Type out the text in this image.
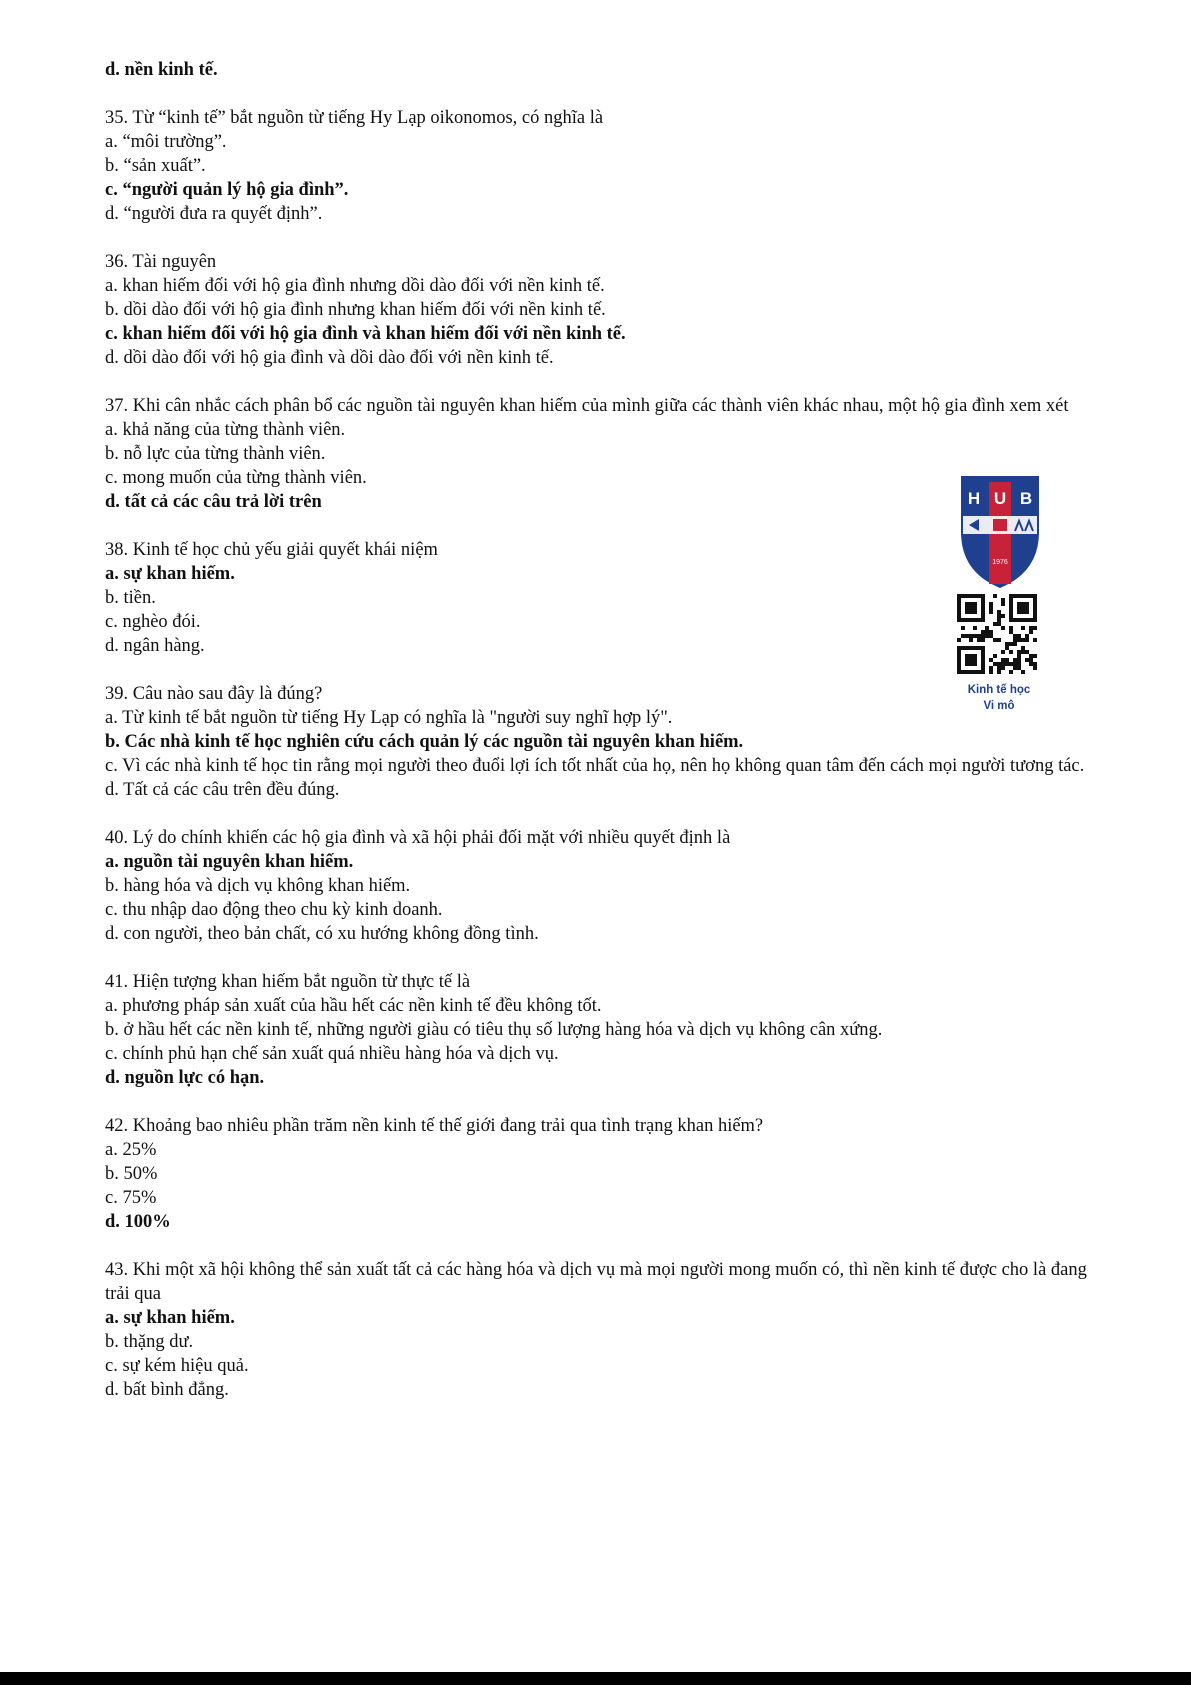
d. nền kinh tế.

35. Từ “kinh tế” bắt nguồn từ tiếng Hy Lạp oikonomos, có nghĩa là

a. “môi trường”.

b. “sản xuất”.

c. “người quản lý hộ gia đình”.

d. “người đưa ra quyết định”.

36. Tài nguyên

a. khan hiếm đối với hộ gia đình nhưng dồi dào đối với nền kinh tế.

b. dồi dào đối với hộ gia đình nhưng khan hiếm đối với nền kinh tế.

c. khan hiếm đối với hộ gia đình và khan hiếm đối với nền kinh tế.

d. dồi dào đối với hộ gia đình và dồi dào đối với nền kinh tế.

37. Khi cân nhắc cách phân bổ các nguồn tài nguyên khan hiếm của mình giữa các thành viên khác nhau, một hộ gia đình xem xét

a. khả năng của từng thành viên.

b. nỗ lực của từng thành viên.

c. mong muốn của từng thành viên.

d. tất cả các câu trả lời trên

38. Kinh tế học chủ yếu giải quyết khái niệm

a. sự khan hiếm.

b. tiền.

c. nghèo đói.

d. ngân hàng.

39. Câu nào sau đây là đúng?

a. Từ kinh tế bắt nguồn từ tiếng Hy Lạp có nghĩa là "người suy nghĩ hợp lý".

b. Các nhà kinh tế học nghiên cứu cách quản lý các nguồn tài nguyên khan hiếm.

c. Vì các nhà kinh tế học tin rằng mọi người theo đuổi lợi ích tốt nhất của họ, nên họ không quan tâm đến cách mọi người tương tác.

d. Tất cả các câu trên đều đúng.

40. Lý do chính khiến các hộ gia đình và xã hội phải đối mặt với nhiều quyết định là

a. nguồn tài nguyên khan hiếm.

b. hàng hóa và dịch vụ không khan hiếm.

c. thu nhập dao động theo chu kỳ kinh doanh.

d. con người, theo bản chất, có xu hướng không đồng tình.

41. Hiện tượng khan hiếm bắt nguồn từ thực tế là

a. phương pháp sản xuất của hầu hết các nền kinh tế đều không tốt.

b. ở hầu hết các nền kinh tế, những người giàu có tiêu thụ số lượng hàng hóa và dịch vụ không cân xứng.

c. chính phủ hạn chế sản xuất quá nhiều hàng hóa và dịch vụ.

d. nguồn lực có hạn.

42. Khoảng bao nhiêu phần trăm nền kinh tế thế giới đang trải qua tình trạng khan hiếm?

a. 25%

b. 50%

c. 75%

d. 100%

43. Khi một xã hội không thể sản xuất tất cả các hàng hóa và dịch vụ mà mọi người mong muốn có, thì nền kinh tế được cho là đang trải qua

a. sự khan hiếm.

b. thặng dư.

c. sự kém hiệu quả.

d. bất bình đẳng.

H U B
1976
Kinh tế học
Vi mô
